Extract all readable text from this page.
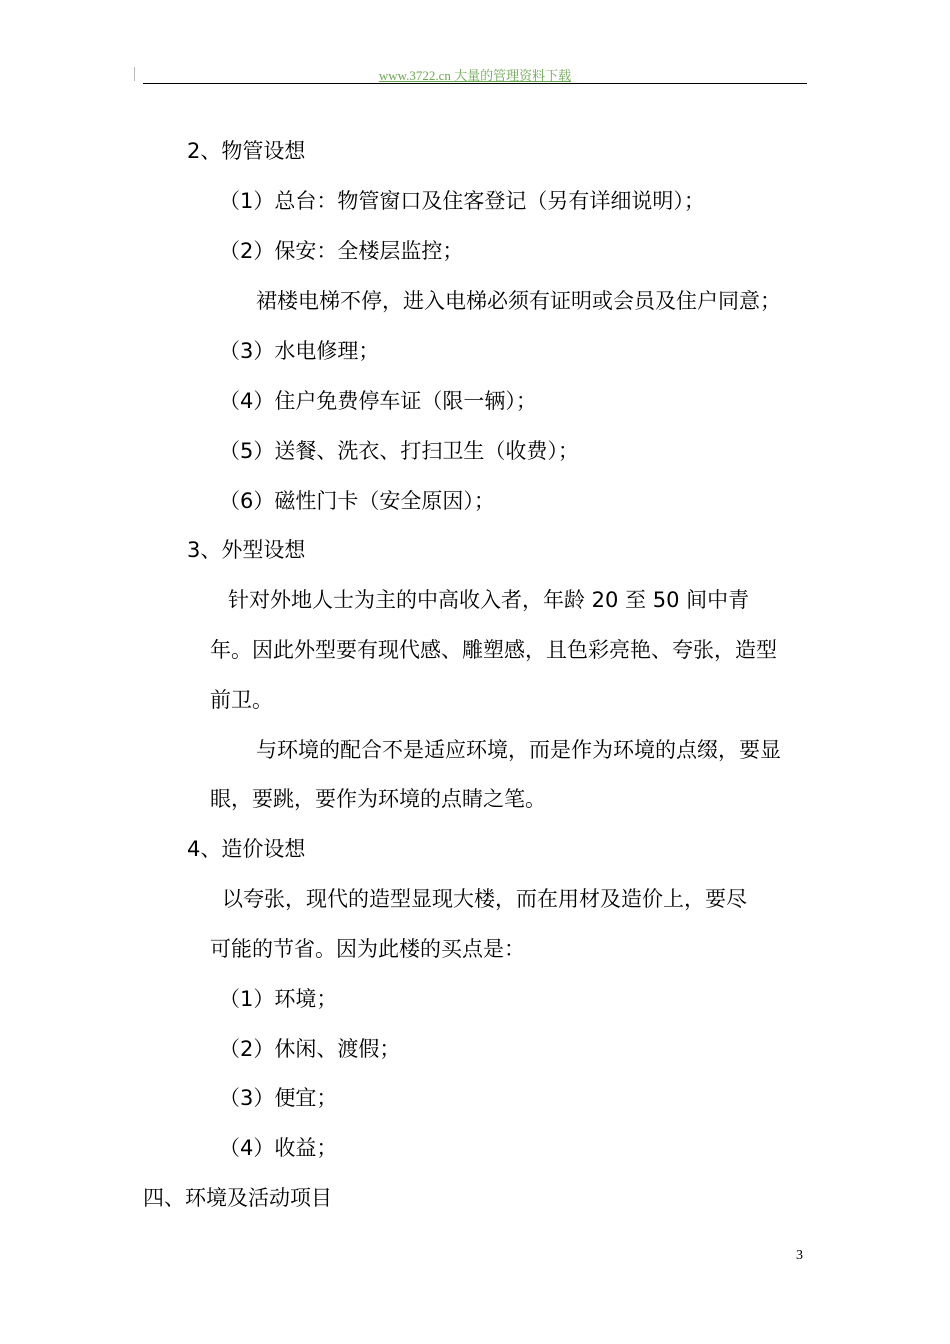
www.3722.cn 大量的管理资料下载
2、物管设想
（1）总台：物管窗口及住客登记（另有详细说明）；
（2）保安：全楼层监控；
裙楼电梯不停，进入电梯必须有证明或会员及住户同意；
（3）水电修理；
（4）住户免费停车证（限一辆）；
（5）送餐、洗衣、打扫卫生（收费）；
（6）磁性门卡（安全原因）；
3、外型设想
针对外地人士为主的中高收入者，年龄 20 至 50 间中青
年。因此外型要有现代感、雕塑感，且色彩亮艳、夸张，造型
前卫。
与环境的配合不是适应环境，而是作为环境的点缀，要显
眼，要跳，要作为环境的点睛之笔。
4、造价设想
以夸张，现代的造型显现大楼，而在用材及造价上，要尽
可能的节省。因为此楼的买点是：
（1）环境；
（2）休闲、渡假；
（3）便宜；
（4）收益；
四、环境及活动项目
3
